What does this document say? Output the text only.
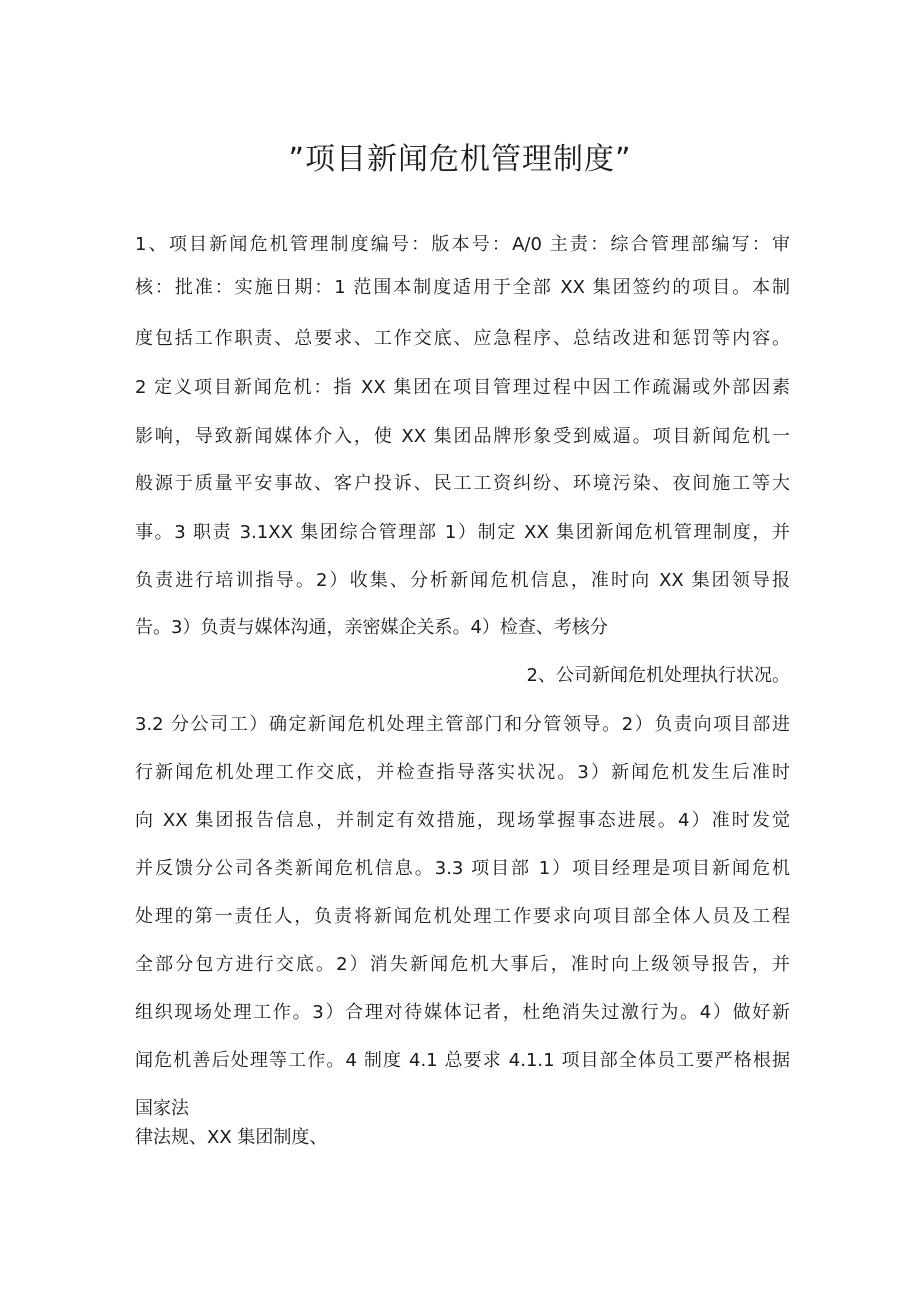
”项目新闻危机管理制度”
1、项目新闻危机管理制度编号：版本号：A/0 主责：综合管理部编写：审
核：批准：实施日期：1 范围本制度适用于全部 XX 集团签约的项目。本制
度包括工作职责、总要求、工作交底、应急程序、总结改进和惩罚等内容。
2 定义项目新闻危机：指 XX 集团在项目管理过程中因工作疏漏或外部因素
影响，导致新闻媒体介入，使 XX 集团品牌形象受到威逼。项目新闻危机一
般源于质量平安事故、客户投诉、民工工资纠纷、环境污染、夜间施工等大
事。3 职责 3.1XX 集团综合管理部 1）制定 XX 集团新闻危机管理制度，并
负责进行培训指导。2）收集、分析新闻危机信息，准时向 XX 集团领导报
告。3）负责与媒体沟通，亲密媒企关系。4）检查、考核分
2、公司新闻危机处理执行状况。
3.2 分公司工）确定新闻危机处理主管部门和分管领导。2）负责向项目部进
行新闻危机处理工作交底，并检查指导落实状况。3）新闻危机发生后准时
向 XX 集团报告信息，并制定有效措施，现场掌握事态进展。4）准时发觉
并反馈分公司各类新闻危机信息。3.3 项目部 1）项目经理是项目新闻危机
处理的第一责任人，负责将新闻危机处理工作要求向项目部全体人员及工程
全部分包方进行交底。2）消失新闻危机大事后，准时向上级领导报告，并
组织现场处理工作。3）合理对待媒体记者，杜绝消失过激行为。4）做好新
闻危机善后处理等工作。4 制度 4.1 总要求 4.1.1 项目部全体员工要严格根据
国家法
律法规、XX 集团制度、
